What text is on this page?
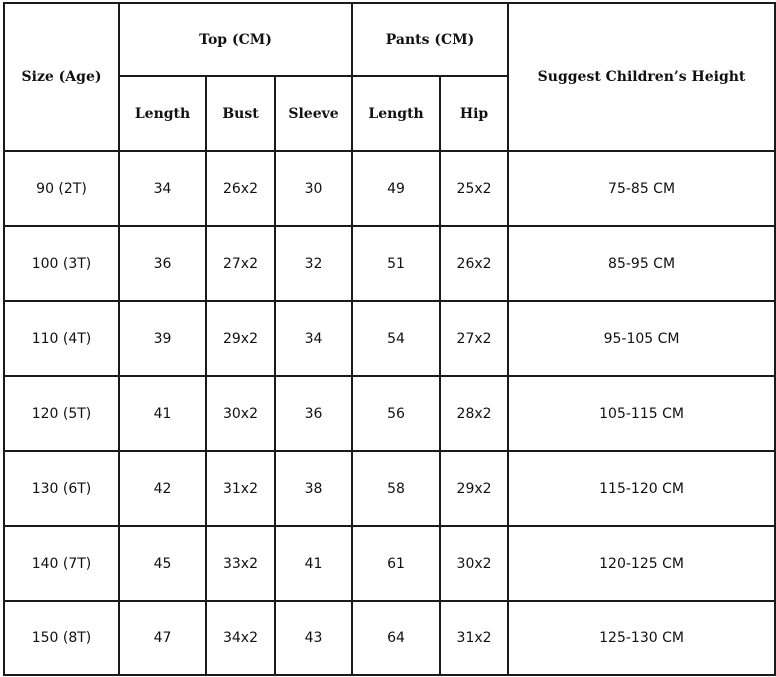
Size (Age)	Top (CM)			Pants (CM)		Suggest Children’s Height
	Length	Bust	Sleeve	Length	Hip	
90 (2T)	34	26x2	30	49	25x2	75-85 CM
100 (3T)	36	27x2	32	51	26x2	85-95 CM
110 (4T)	39	29x2	34	54	27x2	95-105 CM
120 (5T)	41	30x2	36	56	28x2	105-115 CM
130 (6T)	42	31x2	38	58	29x2	115-120 CM
140 (7T)	45	33x2	41	61	30x2	120-125 CM
150 (8T)	47	34x2	43	64	31x2	125-130 CM
